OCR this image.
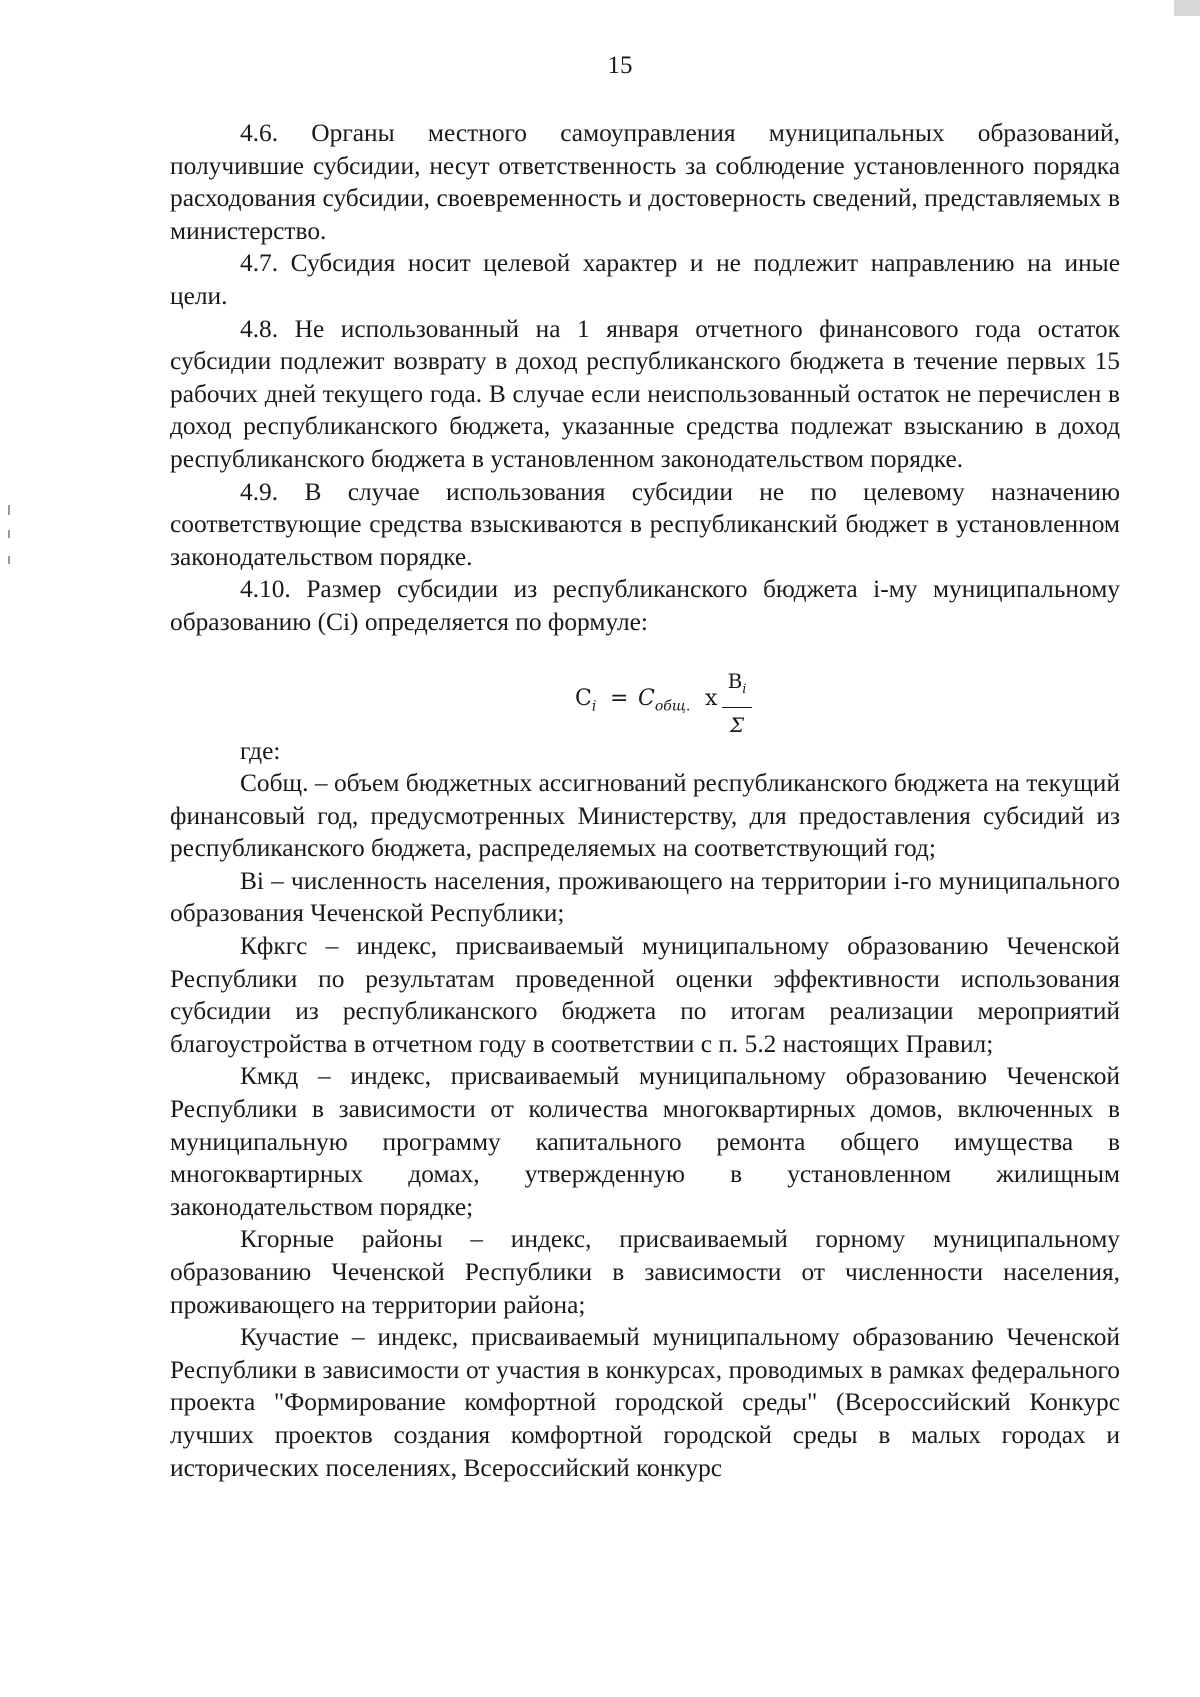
15

4.6. Органы местного самоуправления муниципальных образований, получившие субсидии, несут ответственность за соблюдение установленного порядка расходования субсидии, своевременность и достоверность сведений, представляемых в министерство.

4.7. Субсидия носит целевой характер и не подлежит направлению на иные цели.

4.8. Не использованный на 1 января отчетного финансового года остаток субсидии подлежит возврату в доход республиканского бюджета в течение первых 15 рабочих дней текущего года. В случае если неиспользованный остаток не перечислен в доход республиканского бюджета, указанные средства подлежат взысканию в доход республиканского бюджета в установленном законодательством порядке.

4.9. В случае использования субсидии не по целевому назначению соответствующие средства взыскиваются в республиканский бюджет в установленном законодательством порядке.

4.10. Размер субсидии из республиканского бюджета i-му муниципальному образованию (Ci) определяется по формуле:

$C_i = C_{общ.}$ x $\frac{B_i}{\Sigma}$

где:

Собщ. – объем бюджетных ассигнований республиканского бюджета на текущий финансовый год, предусмотренных Министерству, для предоставления субсидий из республиканского бюджета, распределяемых на соответствующий год;

Bi – численность населения, проживающего на территории i-го муниципального образования Чеченской Республики;

Кфкгс – индекс, присваиваемый муниципальному образованию Чеченской Республики по результатам проведенной оценки эффективности использования субсидии из республиканского бюджета по итогам реализации мероприятий благоустройства в отчетном году в соответствии с п. 5.2 настоящих Правил;

Кмкд – индекс, присваиваемый муниципальному образованию Чеченской Республики в зависимости от количества многоквартирных домов, включенных в муниципальную программу капитального ремонта общего имущества в многоквартирных домах, утвержденную в установленном жилищным законодательством порядке;

Кгорные районы – индекс, присваиваемый горному муниципальному образованию Чеченской Республики в зависимости от численности населения, проживающего на территории района;

Кучастие – индекс, присваиваемый муниципальному образованию Чеченской Республики в зависимости от участия в конкурсах, проводимых в рамках федерального проекта "Формирование комфортной городской среды" (Всероссийский Конкурс лучших проектов создания комфортной городской среды в малых городах и исторических поселениях, Всероссийский конкурс
